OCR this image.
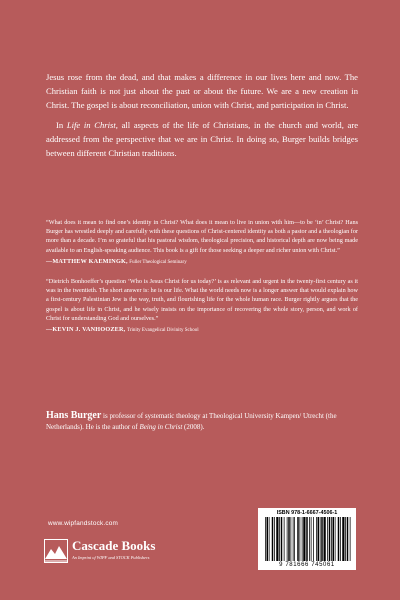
Jesus rose from the dead, and that makes a difference in our lives here and now. The Christian faith is not just about the past or about the future. We are a new creation in Christ. The gospel is about reconciliation, union with Christ, and participation in Christ.

In Life in Christ, all aspects of the life of Christians, in the church and world, are addressed from the perspective that we are in Christ. In doing so, Burger builds bridges between different Christian traditions.

“What does it mean to find one’s identity in Christ? What does it mean to live in union with him—to be ‘in’ Christ? Hans Burger has wrestled deeply and carefully with these questions of Christ-centered identity as both a pastor and a theologian for more than a decade. I’m so grateful that his pastoral wisdom, theological precision, and historical depth are now being made available to an English-speaking audience. This book is a gift for those seeking a deeper and richer union with Christ.”

—MATTHEW KAEMINGK, Fuller Theological Seminary

“Dietrich Bonhoeffer’s question ‘Who is Jesus Christ for us today?’ is as relevant and urgent in the twenty-first century as it was in the twentieth. The short answer is: he is our life. What the world needs now is a longer answer that would explain how a first-century Palestinian Jew is the way, truth, and flourishing life for the whole human race. Burger rightly argues that the gospel is about life in Christ, and he wisely insists on the importance of recovering the whole story, person, and work of Christ for understanding God and ourselves.”

—KEVIN J. VANHOOZER, Trinity Evangelical Divinity School

Hans Burger is professor of systematic theology at Theological University Kampen/ Utrecht (the Netherlands). He is the author of Being in Christ (2008).
www.wipfandstock.com
Cascade Books
An Imprint of WIPF and STOCK Publishers
ISBN 978-1-6667-4506-1
9 781666 745061
